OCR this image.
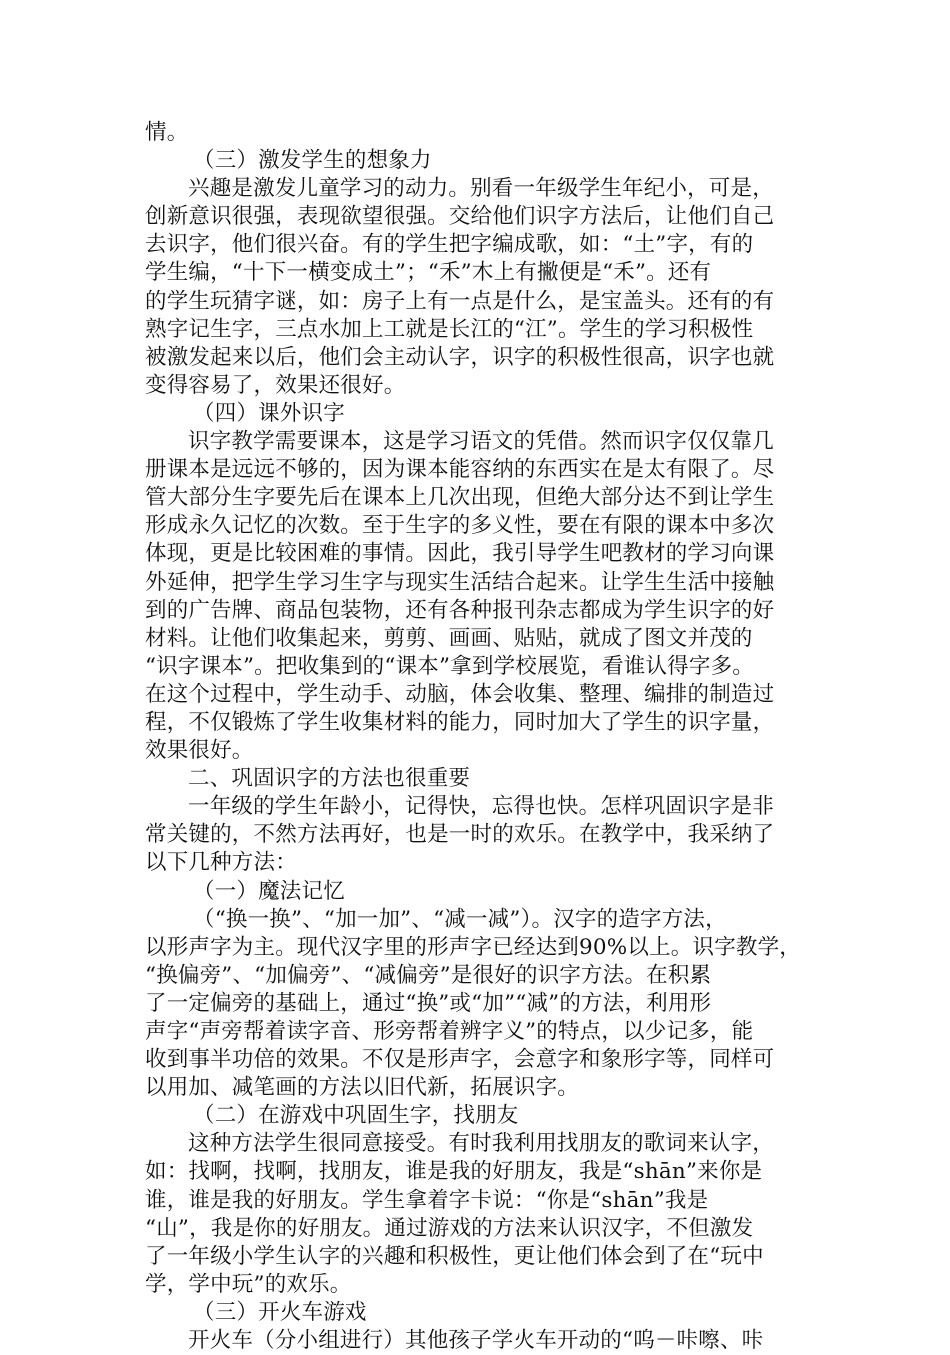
情。
（三）激发学生的想象力
兴趣是激发儿童学习的动力。别看一年级学生年纪小，可是，
创新意识很强，表现欲望很强。交给他们识字方法后，让他们自己
去识字，他们很兴奋。有的学生把字编成歌，如：“土”字，有的
学生编，“十下一横变成土”；“禾”木上有撇便是“禾”。还有
的学生玩猜字谜，如：房子上有一点是什么，是宝盖头。还有的有
熟字记生字，三点水加上工就是长江的“江”。学生的学习积极性
被激发起来以后，他们会主动认字，识字的积极性很高，识字也就
变得容易了，效果还很好。
（四）课外识字
识字教学需要课本，这是学习语文的凭借。然而识字仅仅靠几
册课本是远远不够的，因为课本能容纳的东西实在是太有限了。尽
管大部分生字要先后在课本上几次出现，但绝大部分达不到让学生
形成永久记忆的次数。至于生字的多义性，要在有限的课本中多次
体现，更是比较困难的事情。因此，我引导学生吧教材的学习向课
外延伸，把学生学习生字与现实生活结合起来。让学生生活中接触
到的广告牌、商品包装物，还有各种报刊杂志都成为学生识字的好
材料。让他们收集起来，剪剪、画画、贴贴，就成了图文并茂的
“识字课本”。把收集到的“课本”拿到学校展览，看谁认得字多。
在这个过程中，学生动手、动脑，体会收集、整理、编排的制造过
程，不仅锻炼了学生收集材料的能力，同时加大了学生的识字量，
效果很好。
二、巩固识字的方法也很重要
一年级的学生年龄小，记得快，忘得也快。怎样巩固识字是非
常关键的，不然方法再好，也是一时的欢乐。在教学中，我采纳了
以下几种方法：
（一）魔法记忆
（“换一换”、“加一加”、“减一减”）。汉字的造字方法，
以形声字为主。现代汉字里的形声字已经达到90%以上。识字教学，
“换偏旁”、“加偏旁”、“减偏旁”是很好的识字方法。在积累
了一定偏旁的基础上，通过“换”或“加”“减”的方法，利用形
声字“声旁帮着读字音、形旁帮着辨字义”的特点，以少记多，能
收到事半功倍的效果。不仅是形声字，会意字和象形字等，同样可
以用加、减笔画的方法以旧代新，拓展识字。
（二）在游戏中巩固生字，找朋友
这种方法学生很同意接受。有时我利用找朋友的歌词来认字，
如：找啊，找啊，找朋友，谁是我的好朋友，我是“shān”来你是
谁，谁是我的好朋友。学生拿着字卡说：“你是“shān”我是
“山”，我是你的好朋友。通过游戏的方法来认识汉字，不但激发
了一年级小学生认字的兴趣和积极性，更让他们体会到了在“玩中
学，学中玩”的欢乐。
（三）开火车游戏
开火车（分小组进行）其他孩子学火车开动的“呜－咔嚓、咔
